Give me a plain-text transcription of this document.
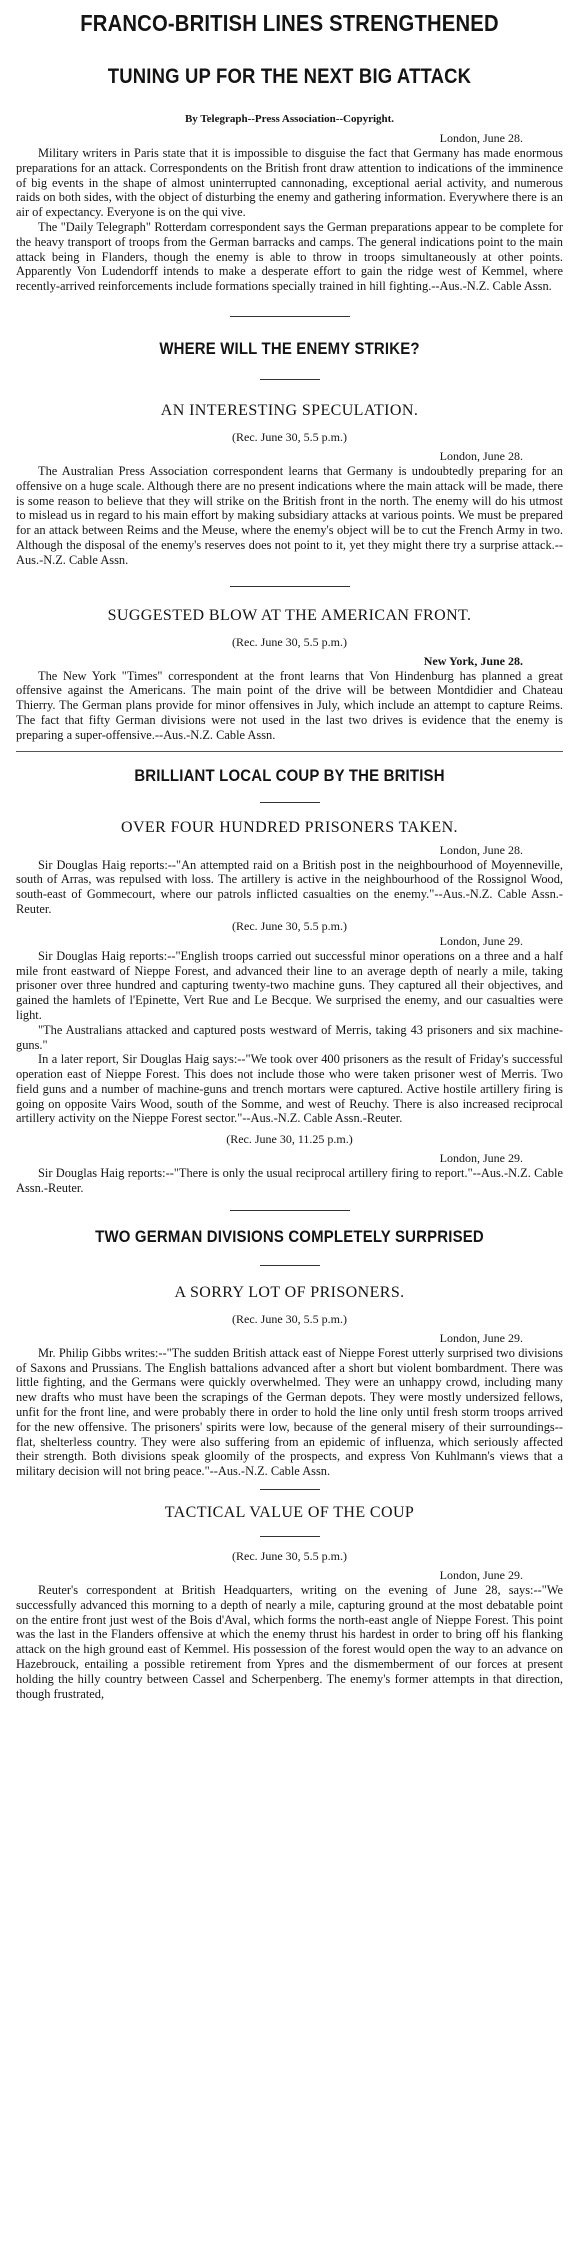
FRANCO-BRITISH LINES STRENGTHENED
TUNING UP FOR THE NEXT BIG ATTACK
By Telegraph--Press Association--Copyright.
London, June 28.

Military writers in Paris state that it is impossible to disguise the fact that Germany has made enormous preparations for an attack. Correspondents on the British front draw attention to indications of the imminence of big events in the shape of almost uninterrupted cannonading, exceptional aerial activity, and numerous raids on both sides, with the object of disturbing the enemy and gathering information. Everywhere there is an air of expectancy. Everyone is on the qui vive.

The "Daily Telegraph" Rotterdam correspondent says the German preparations appear to be complete for the heavy transport of troops from the German barracks and camps. The general indications point to the main attack being in Flanders, though the enemy is able to throw in troops simultaneously at other points. Apparently Von Ludendorff intends to make a desperate effort to gain the ridge west of Kemmel, where recently-arrived reinforcements include formations specially trained in hill fighting.--Aus.-N.Z. Cable Assn.

WHERE WILL THE ENEMY STRIKE?
AN INTERESTING SPECULATION.
(Rec. June 30, 5.5 p.m.)
London, June 28.

The Australian Press Association correspondent learns that Germany is undoubtedly preparing for an offensive on a huge scale. Although there are no present indications where the main attack will be made, there is some reason to believe that they will strike on the British front in the north. The enemy will do his utmost to mislead us in regard to his main effort by making subsidiary attacks at various points. We must be prepared for an attack between Reims and the Meuse, where the enemy's object will be to cut the French Army in two. Although the disposal of the enemy's reserves does not point to it, yet they might there try a surprise attack.--Aus.-N.Z. Cable Assn.

SUGGESTED BLOW AT THE AMERICAN FRONT.
(Rec. June 30, 5.5 p.m.)
New York, June 28.

The New York "Times" correspondent at the front learns that Von Hindenburg has planned a great offensive against the Americans. The main point of the drive will be between Montdidier and Chateau Thierry. The German plans provide for minor offensives in July, which include an attempt to capture Reims. The fact that fifty German divisions were not used in the last two drives is evidence that the enemy is preparing a super-offensive.--Aus.-N.Z. Cable Assn.

BRILLIANT LOCAL COUP BY THE BRITISH
OVER FOUR HUNDRED PRISONERS TAKEN.
London, June 28.

Sir Douglas Haig reports:--"An attempted raid on a British post in the neighbourhood of Moyenneville, south of Arras, was repulsed with loss. The artillery is active in the neighbourhood of the Rossignol Wood, south-east of Gommecourt, where our patrols inflicted casualties on the enemy."--Aus.-N.Z. Cable Assn.-Reuter.

(Rec. June 30, 5.5 p.m.)
London, June 29.

Sir Douglas Haig reports:--"English troops carried out successful minor operations on a three and a half mile front eastward of Nieppe Forest, and advanced their line to an average depth of nearly a mile, taking prisoner over three hundred and capturing twenty-two machine guns. They captured all their objectives, and gained the hamlets of l'Epinette, Vert Rue and Le Becque. We surprised the enemy, and our casualties were light.

"The Australians attacked and captured posts westward of Merris, taking 43 prisoners and six machine-guns."

In a later report, Sir Douglas Haig says:--"We took over 400 prisoners as the result of Friday's successful operation east of Nieppe Forest. This does not include those who were taken prisoner west of Merris. Two field guns and a number of machine-guns and trench mortars were captured. Active hostile artillery firing is going on opposite Vairs Wood, south of the Somme, and west of Reuchy. There is also increased reciprocal artillery activity on the Nieppe Forest sector."--Aus.-N.Z. Cable Assn.-Reuter.

(Rec. June 30, 11.25 p.m.)
London, June 29.

Sir Douglas Haig reports:--"There is only the usual reciprocal artillery firing to report."--Aus.-N.Z. Cable Assn.-Reuter.

TWO GERMAN DIVISIONS COMPLETELY SURPRISED
A SORRY LOT OF PRISONERS.
(Rec. June 30, 5.5 p.m.)
London, June 29.

Mr. Philip Gibbs writes:--"The sudden British attack east of Nieppe Forest utterly surprised two divisions of Saxons and Prussians. The English battalions advanced after a short but violent bombardment. There was little fighting, and the Germans were quickly overwhelmed. They were an unhappy crowd, including many new drafts who must have been the scrapings of the German depots. They were mostly undersized fellows, unfit for the front line, and were probably there in order to hold the line only until fresh storm troops arrived for the new offensive. The prisoners' spirits were low, because of the general misery of their surroundings--flat, shelterless country. They were also suffering from an epidemic of influenza, which seriously affected their strength. Both divisions speak gloomily of the prospects, and express Von Kuhlmann's views that a military decision will not bring peace."--Aus.-N.Z. Cable Assn.

TACTICAL VALUE OF THE COUP
(Rec. June 30, 5.5 p.m.)
London, June 29.

Reuter's correspondent at British Headquarters, writing on the evening of June 28, says:--"We successfully advanced this morning to a depth of nearly a mile, capturing ground at the most debatable point on the entire front just west of the Bois d'Aval, which forms the north-east angle of Nieppe Forest. This point was the last in the Flanders offensive at which the enemy thrust his hardest in order to bring off his flanking attack on the high ground east of Kemmel. His possession of the forest would open the way to an advance on Hazebrouck, entailing a possible retirement from Ypres and the dismemberment of our forces at present holding the hilly country between Cassel and Scherpenberg. The enemy's former attempts in that direction, though frustrated,
